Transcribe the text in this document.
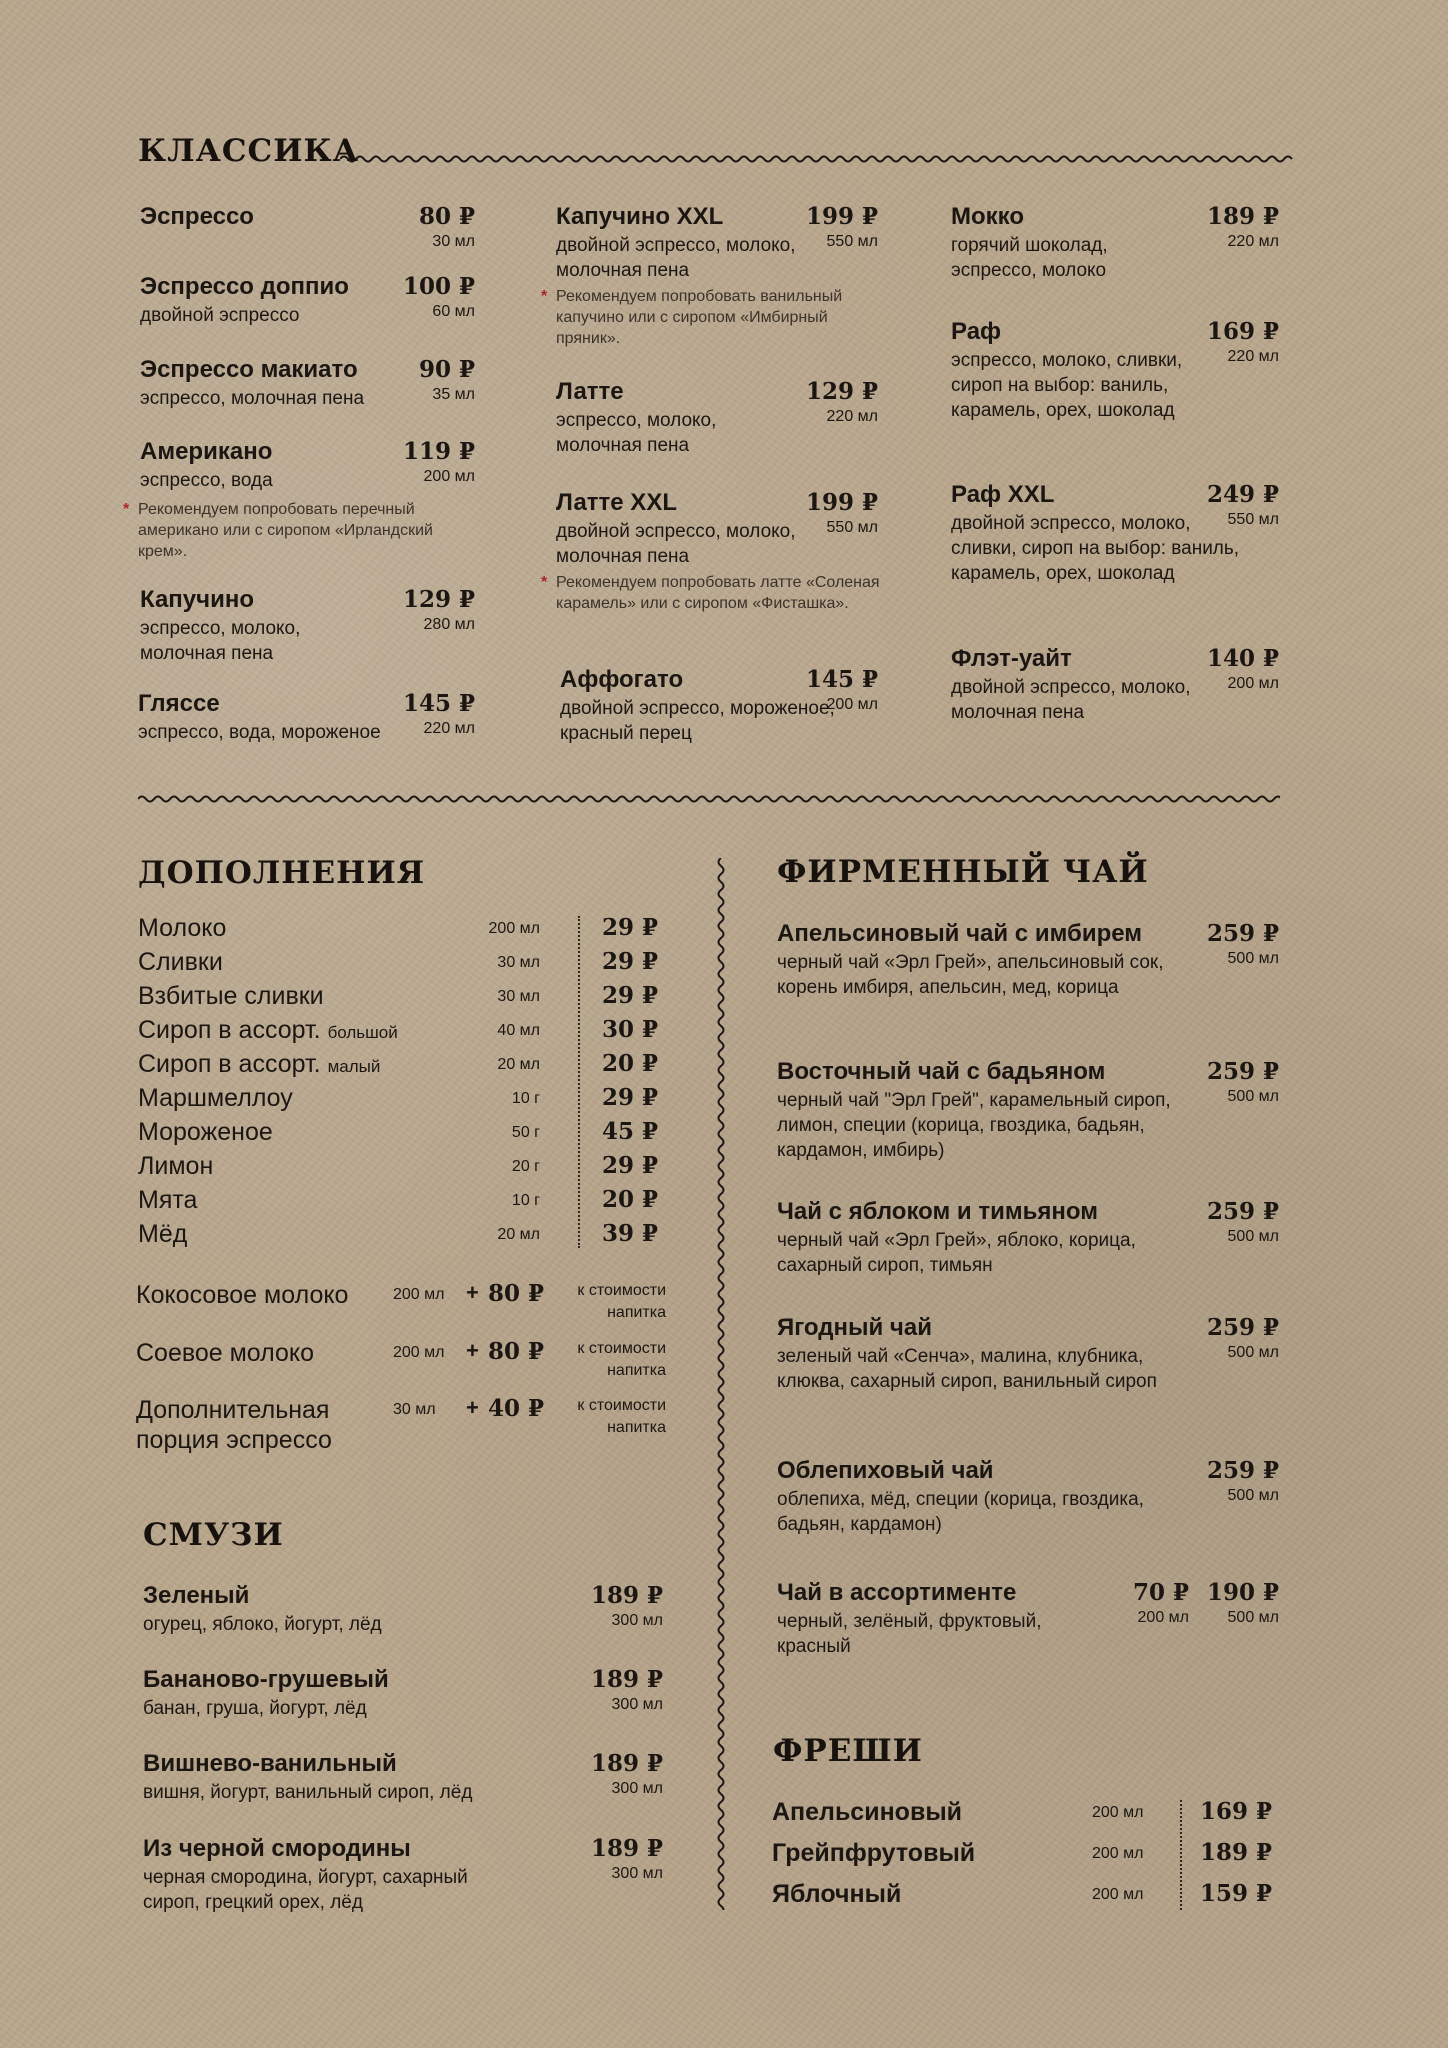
КЛАССИКА
Эспрессо	80 ₽
30 мл
Эспрессо доппио 100 ₽
60 мл
двойной эспрессо
Эспрессо макиато	90 ₽
35 мл
эспрессо, молочная пена
Американо	119 ₽
200 мл
эспрессо, вода
* Рекомендуем попробовать перечный американо или с сиропом «Ирландский крем».
Капучино	129 ₽
280 мл
эспрессо, молоко, молочная пена
Гляссе	145 ₽
220 мл
эспрессо, вода, мороженое
Капучино XXL	199 ₽
550 мл
двойной эспрессо, молоко, молочная пена
* Рекомендуем попробовать ванильный капучино или с сиропом «Имбирный пряник».
Латте	129 ₽
220 мл
эспрессо, молоко, молочная пена
Латте XXL	199 ₽
550 мл
двойной эспрессо, молоко, молочная пена
* Рекомендуем попробовать латте «Соленая карамель» или с сиропом «Фисташка».
Аффогато	145 ₽
200 мл
двойной эспрессо, мороженое, красный перец
Мокко	189 ₽
220 мл
горячий шоколад, эспрессо, молоко
Раф	169 ₽
220 мл
эспрессо, молоко, сливки, сироп на выбор: ваниль, карамель, орех, шоколад
Раф XXL	249 ₽
550 мл
двойной эспрессо, молоко, сливки, сироп на выбор: ваниль, карамель, орех, шоколад
Флэт-уайт	140 ₽
200 мл
двойной эспрессо, молоко, молочная пена
ДОПОЛНЕНИЯ
Молоко	200 мл	29 ₽
Сливки	30 мл	29 ₽
Взбитые сливки	30 мл	29 ₽
Сироп в ассорт. большой	40 мл	30 ₽
Сироп в ассорт. малый	20 мл	20 ₽
Маршмеллоу	10 г	29 ₽
Мороженое	50 г	45 ₽
Лимон	20 г	29 ₽
Мята	10 г	20 ₽
Мёд	20 мл	39 ₽
Кокосовое молоко	200 мл + 80 ₽	к стоимости напитка
Соевое молоко	200 мл + 80 ₽	к стоимости напитка
Дополнительная порция эспрессо
30 мл + 40 ₽	к стоимости напитка
СМУЗИ
Зеленый	189 ₽
300 мл
огурец, яблоко, йогурт, лёд
Бананово-грушевый	189 ₽
300 мл
банан, груша, йогурт, лёд
Вишнево-ванильный	189 ₽
300 мл
вишня, йогурт, ванильный сироп, лёд
Из черной смородины	189 ₽
300 мл
черная смородина, йогурт, сахарный сироп, грецкий орех, лёд
ФИРМЕННЫЙ ЧАЙ
Апельсиновый чай с имбирем	259 ₽
500 мл
черный чай «Эрл Грей», апельсиновый сок, корень имбиря, апельсин, мед, корица
Восточный чай с бадьяном	259 ₽
500 мл
черный чай "Эрл Грей", карамельный сироп, лимон, специи (корица, гвоздика, бадьян, кардамон, имбирь)
Чай с яблоком и тимьяном	259 ₽
500 мл
черный чай «Эрл Грей», яблоко, корица, сахарный сироп, тимьян
Ягодный чай	259 ₽
500 мл
зеленый чай «Сенча», малина, клубника, клюква, сахарный сироп, ванильный сироп
Облепиховый чай	259 ₽
500 мл
облепиха, мёд, специи (корица, гвоздика, бадьян, кардамон)
Чай в ассортименте	70 ₽
200 мл
190 ₽
500 мл
черный, зелёный, фруктовый, красный
ФРЕШИ
Апельсиновый	200 мл 169 ₽
Грейпфрутовый	200 мл 189 ₽
Яблочный	200 мл 159 ₽
